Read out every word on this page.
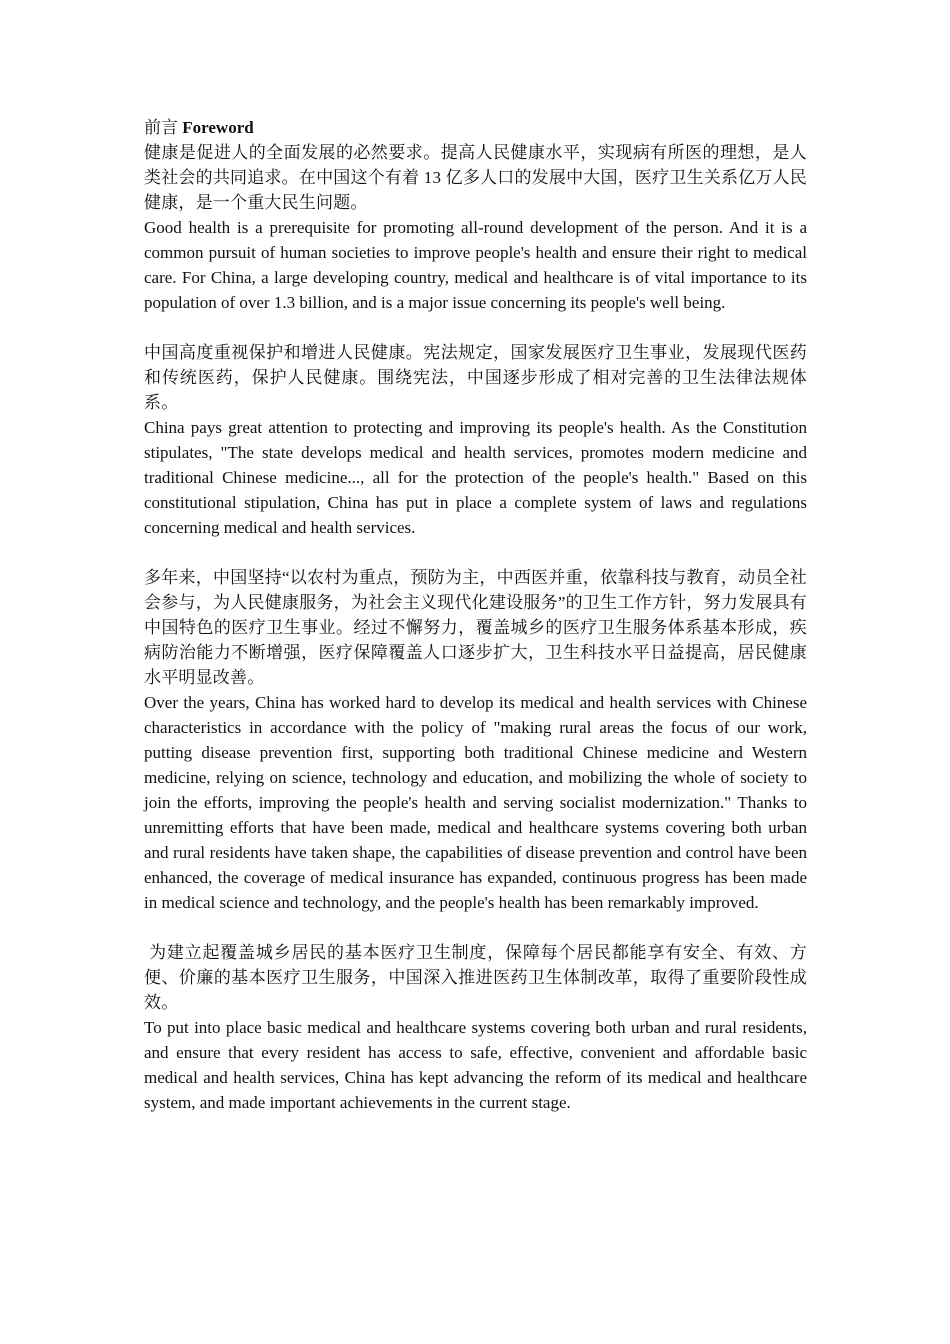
前言 Foreword

健康是促进人的全面发展的必然要求。提高人民健康水平，实现病有所医的理想，是人类社会的共同追求。在中国这个有着 13 亿多人口的发展中大国，医疗卫生关系亿万人民健康，是一个重大民生问题。

Good health is a prerequisite for promoting all-round development of the person. And it is a common pursuit of human societies to improve people's health and ensure their right to medical care. For China, a large developing country, medical and healthcare is of vital importance to its population of over 1.3 billion, and is a major issue concerning its people's well being.

中国高度重视保护和增进人民健康。宪法规定，国家发展医疗卫生事业，发展现代医药和传统医药，保护人民健康。围绕宪法，中国逐步形成了相对完善的卫生法律法规体系。

China pays great attention to protecting and improving its people's health. As the Constitution stipulates, "The state develops medical and health services, promotes modern medicine and traditional Chinese medicine..., all for the protection of the people's health." Based on this constitutional stipulation, China has put in place a complete system of laws and regulations concerning medical and health services.

多年来，中国坚持“以农村为重点，预防为主，中西医并重，依靠科技与教育，动员全社会参与，为人民健康服务，为社会主义现代化建设服务”的卫生工作方针，努力发展具有中国特色的医疗卫生事业。经过不懈努力，覆盖城乡的医疗卫生服务体系基本形成，疾病防治能力不断增强，医疗保障覆盖人口逐步扩大，卫生科技水平日益提高，居民健康水平明显改善。

Over the years, China has worked hard to develop its medical and health services with Chinese characteristics in accordance with the policy of "making rural areas the focus of our work, putting disease prevention first, supporting both traditional Chinese medicine and Western medicine, relying on science, technology and education, and mobilizing the whole of society to join the efforts, improving the people's health and serving socialist modernization." Thanks to unremitting efforts that have been made, medical and healthcare systems covering both urban and rural residents have taken shape, the capabilities of disease prevention and control have been enhanced, the coverage of medical insurance has expanded, continuous progress has been made in medical science and technology, and the people's health has been remarkably improved.

为建立起覆盖城乡居民的基本医疗卫生制度，保障每个居民都能享有安全、有效、方便、价廉的基本医疗卫生服务，中国深入推进医药卫生体制改革，取得了重要阶段性成效。

To put into place basic medical and healthcare systems covering both urban and rural residents, and ensure that every resident has access to safe, effective, convenient and affordable basic medical and health services, China has kept advancing the reform of its medical and healthcare system, and made important achievements in the current stage.
